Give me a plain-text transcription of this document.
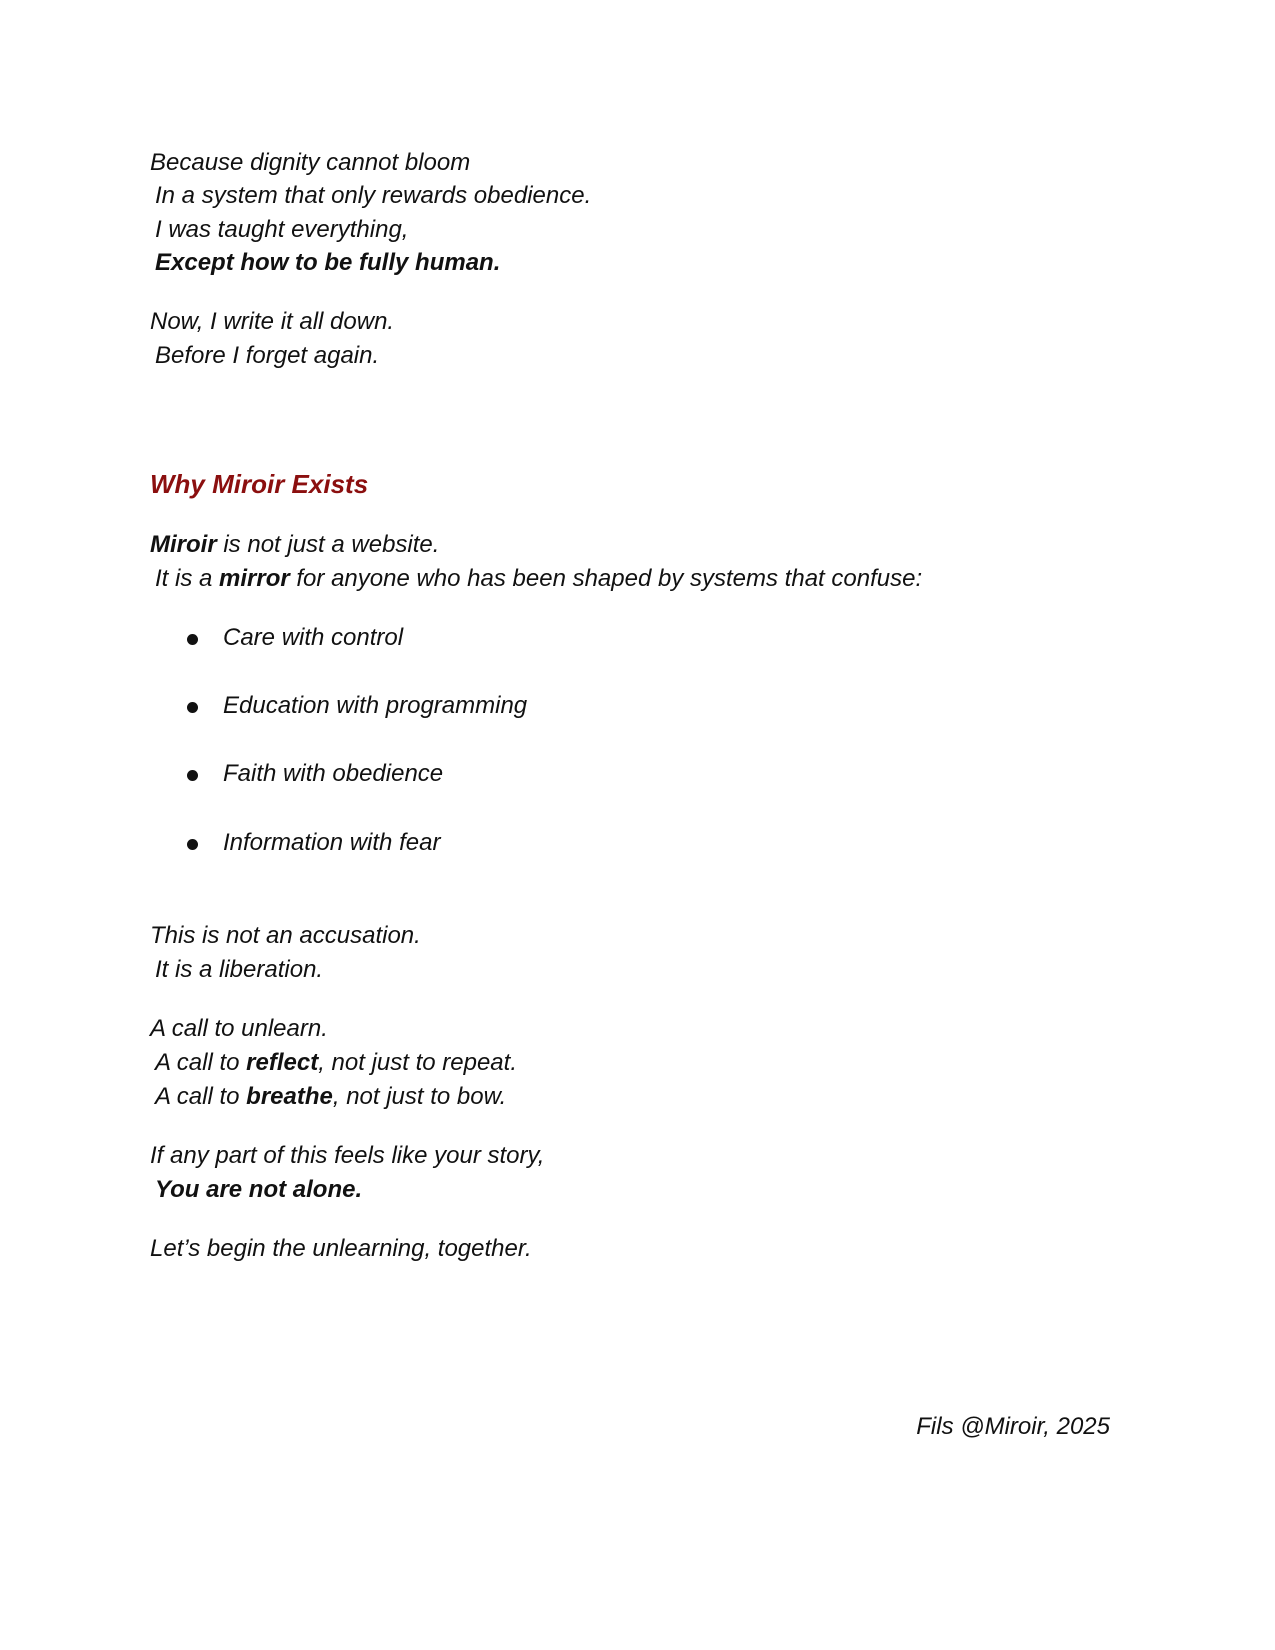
Because dignity cannot bloom
In a system that only rewards obedience.
I was taught everything,
Except how to be fully human.
Now, I write it all down.
Before I forget again.
Why Miroir Exists
Miroir is not just a website.
It is a mirror for anyone who has been shaped by systems that confuse:
Care with control
Education with programming
Faith with obedience
Information with fear
This is not an accusation.
It is a liberation.
A call to unlearn.
A call to reflect, not just to repeat.
A call to breathe, not just to bow.
If any part of this feels like your story,
You are not alone.
Let’s begin the unlearning, together.
Fils @Miroir, 2025
